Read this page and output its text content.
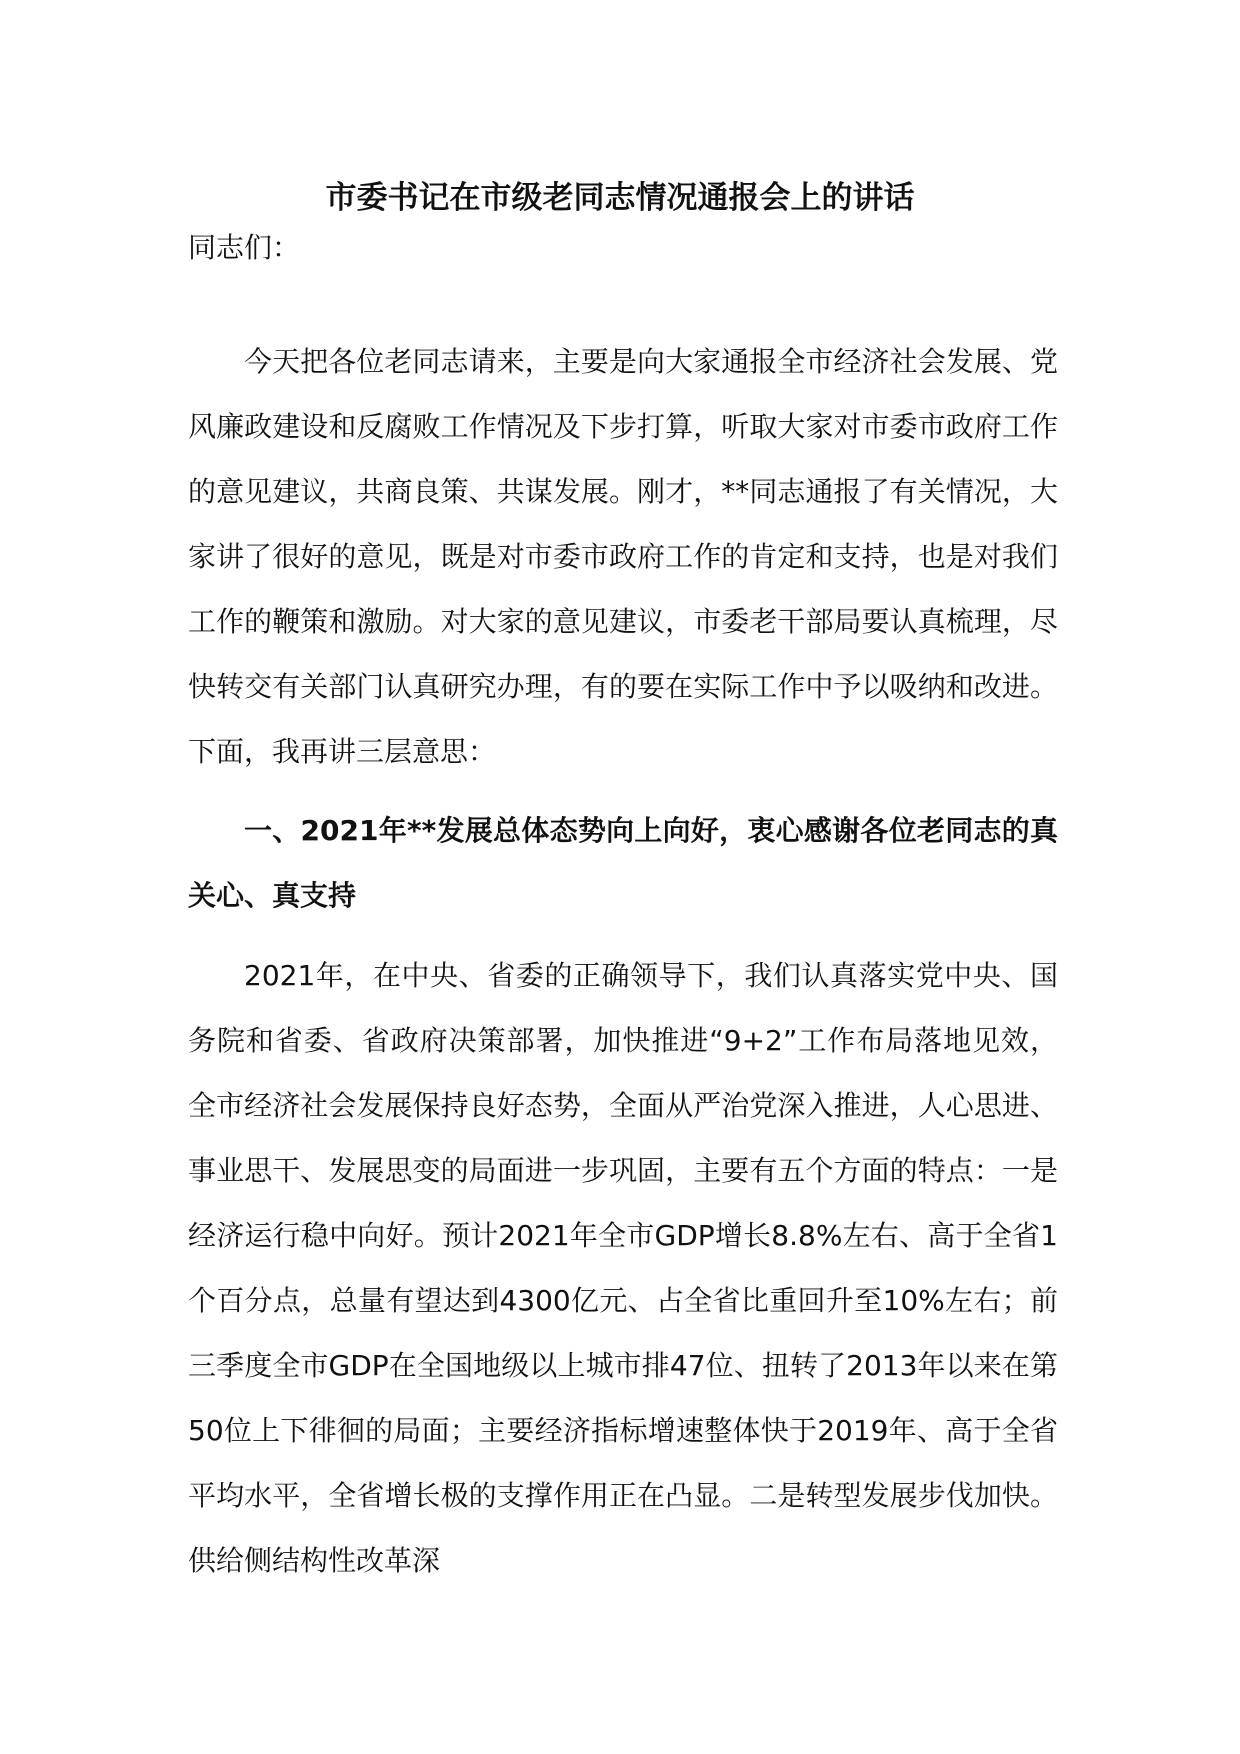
市委书记在市级老同志情况通报会上的讲话

同志们：

今天把各位老同志请来，主要是向大家通报全市经济社会发展、党风廉政建设和反腐败工作情况及下步打算，听取大家对市委市政府工作的意见建议，共商良策、共谋发展。刚才，**同志通报了有关情况，大家讲了很好的意见，既是对市委市政府工作的肯定和支持，也是对我们工作的鞭策和激励。对大家的意见建议，市委老干部局要认真梳理，尽快转交有关部门认真研究办理，有的要在实际工作中予以吸纳和改进。下面，我再讲三层意思：

一、2021年**发展总体态势向上向好，衷心感谢各位老同志的真关心、真支持

2021年，在中央、省委的正确领导下，我们认真落实党中央、国务院和省委、省政府决策部署，加快推进“9+2”工作布局落地见效，全市经济社会发展保持良好态势，全面从严治党深入推进，人心思进、事业思干、发展思变的局面进一步巩固，主要有五个方面的特点：一是经济运行稳中向好。预计2021年全市GDP增长8.8%左右、高于全省1个百分点，总量有望达到4300亿元、占全省比重回升至10%左右；前三季度全市GDP在全国地级以上城市排47位、扭转了2013年以来在第50位上下徘徊的局面；主要经济指标增速整体快于2019年、高于全省平均水平，全省增长极的支撑作用正在凸显。二是转型发展步伐加快。供给侧结构性改革深
